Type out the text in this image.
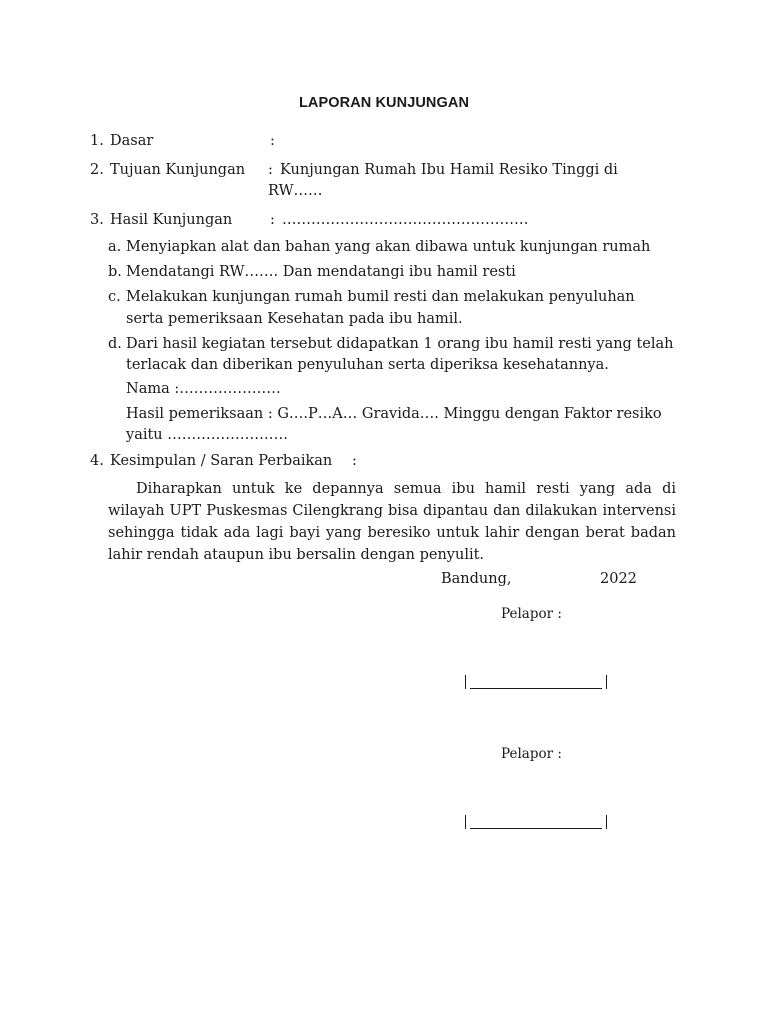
LAPORAN KUNJUNGAN
1. Dasar	:
2. Tujuan Kunjungan : Kunjungan Rumah Ibu Hamil Resiko Tinggi di
RW……
3. Hasil Kunjungan	: ……………………………………………
a. Menyiapkan alat dan bahan yang akan dibawa untuk kunjungan rumah
b. Mendatangi RW……. Dan mendatangi ibu hamil resti
c. Melakukan kunjungan rumah bumil resti dan melakukan penyuluhan
serta pemeriksaan Kesehatan pada ibu hamil.
d. Dari hasil kegiatan tersebut didapatkan 1 orang ibu hamil resti yang telah
terlacak dan diberikan penyuluhan serta diperiksa kesehatannya.
Nama :…………………
Hasil pemeriksaan : G….P…A… Gravida…. Minggu dengan Faktor resiko
yaitu …………………….
4. Kesimpulan / Saran Perbaikan :
Diharapkan untuk ke depannya semua ibu hamil resti yang ada di wilayah UPT Puskesmas Cilengkrang bisa dipantau dan dilakukan intervensi sehingga tidak ada lagi bayi yang beresiko untuk lahir dengan berat badan lahir rendah ataupun ibu bersalin dengan penyulit.
Bandung,	2022
Pelapor :
Pelapor :
